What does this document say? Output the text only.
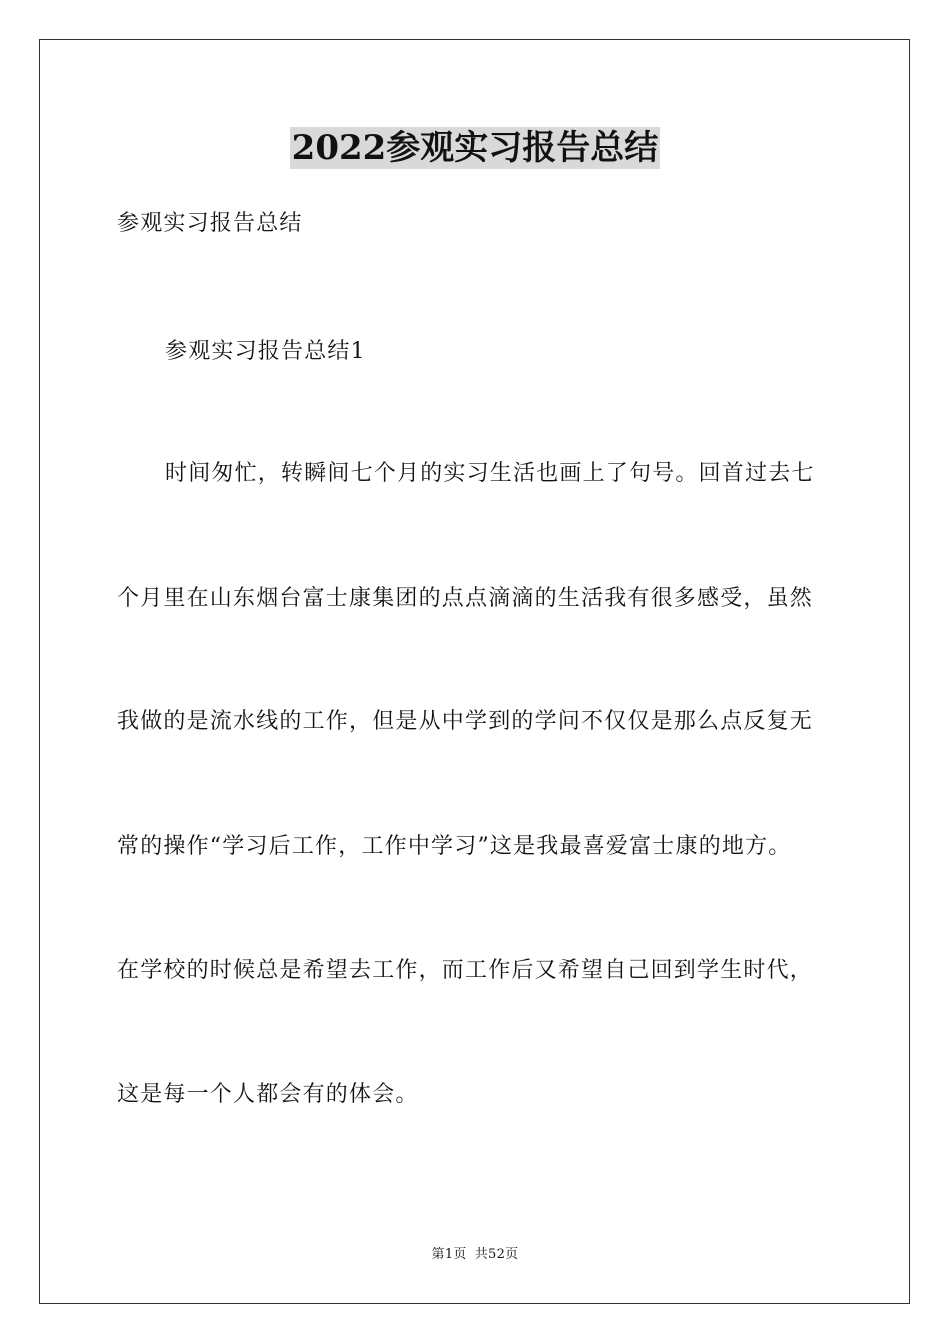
2022参观实习报告总结
参观实习报告总结
参观实习报告总结1
时间匆忙，转瞬间七个月的实习生活也画上了句号。回首过去七
个月里在山东烟台富士康集团的点点滴滴的生活我有很多感受，虽然
我做的是流水线的工作，但是从中学到的学问不仅仅是那么点反复无
常的操作“学习后工作，工作中学习”这是我最喜爱富士康的地方。
在学校的时候总是希望去工作，而工作后又希望自己回到学生时代，
这是每一个人都会有的体会。
第1页 共52页
